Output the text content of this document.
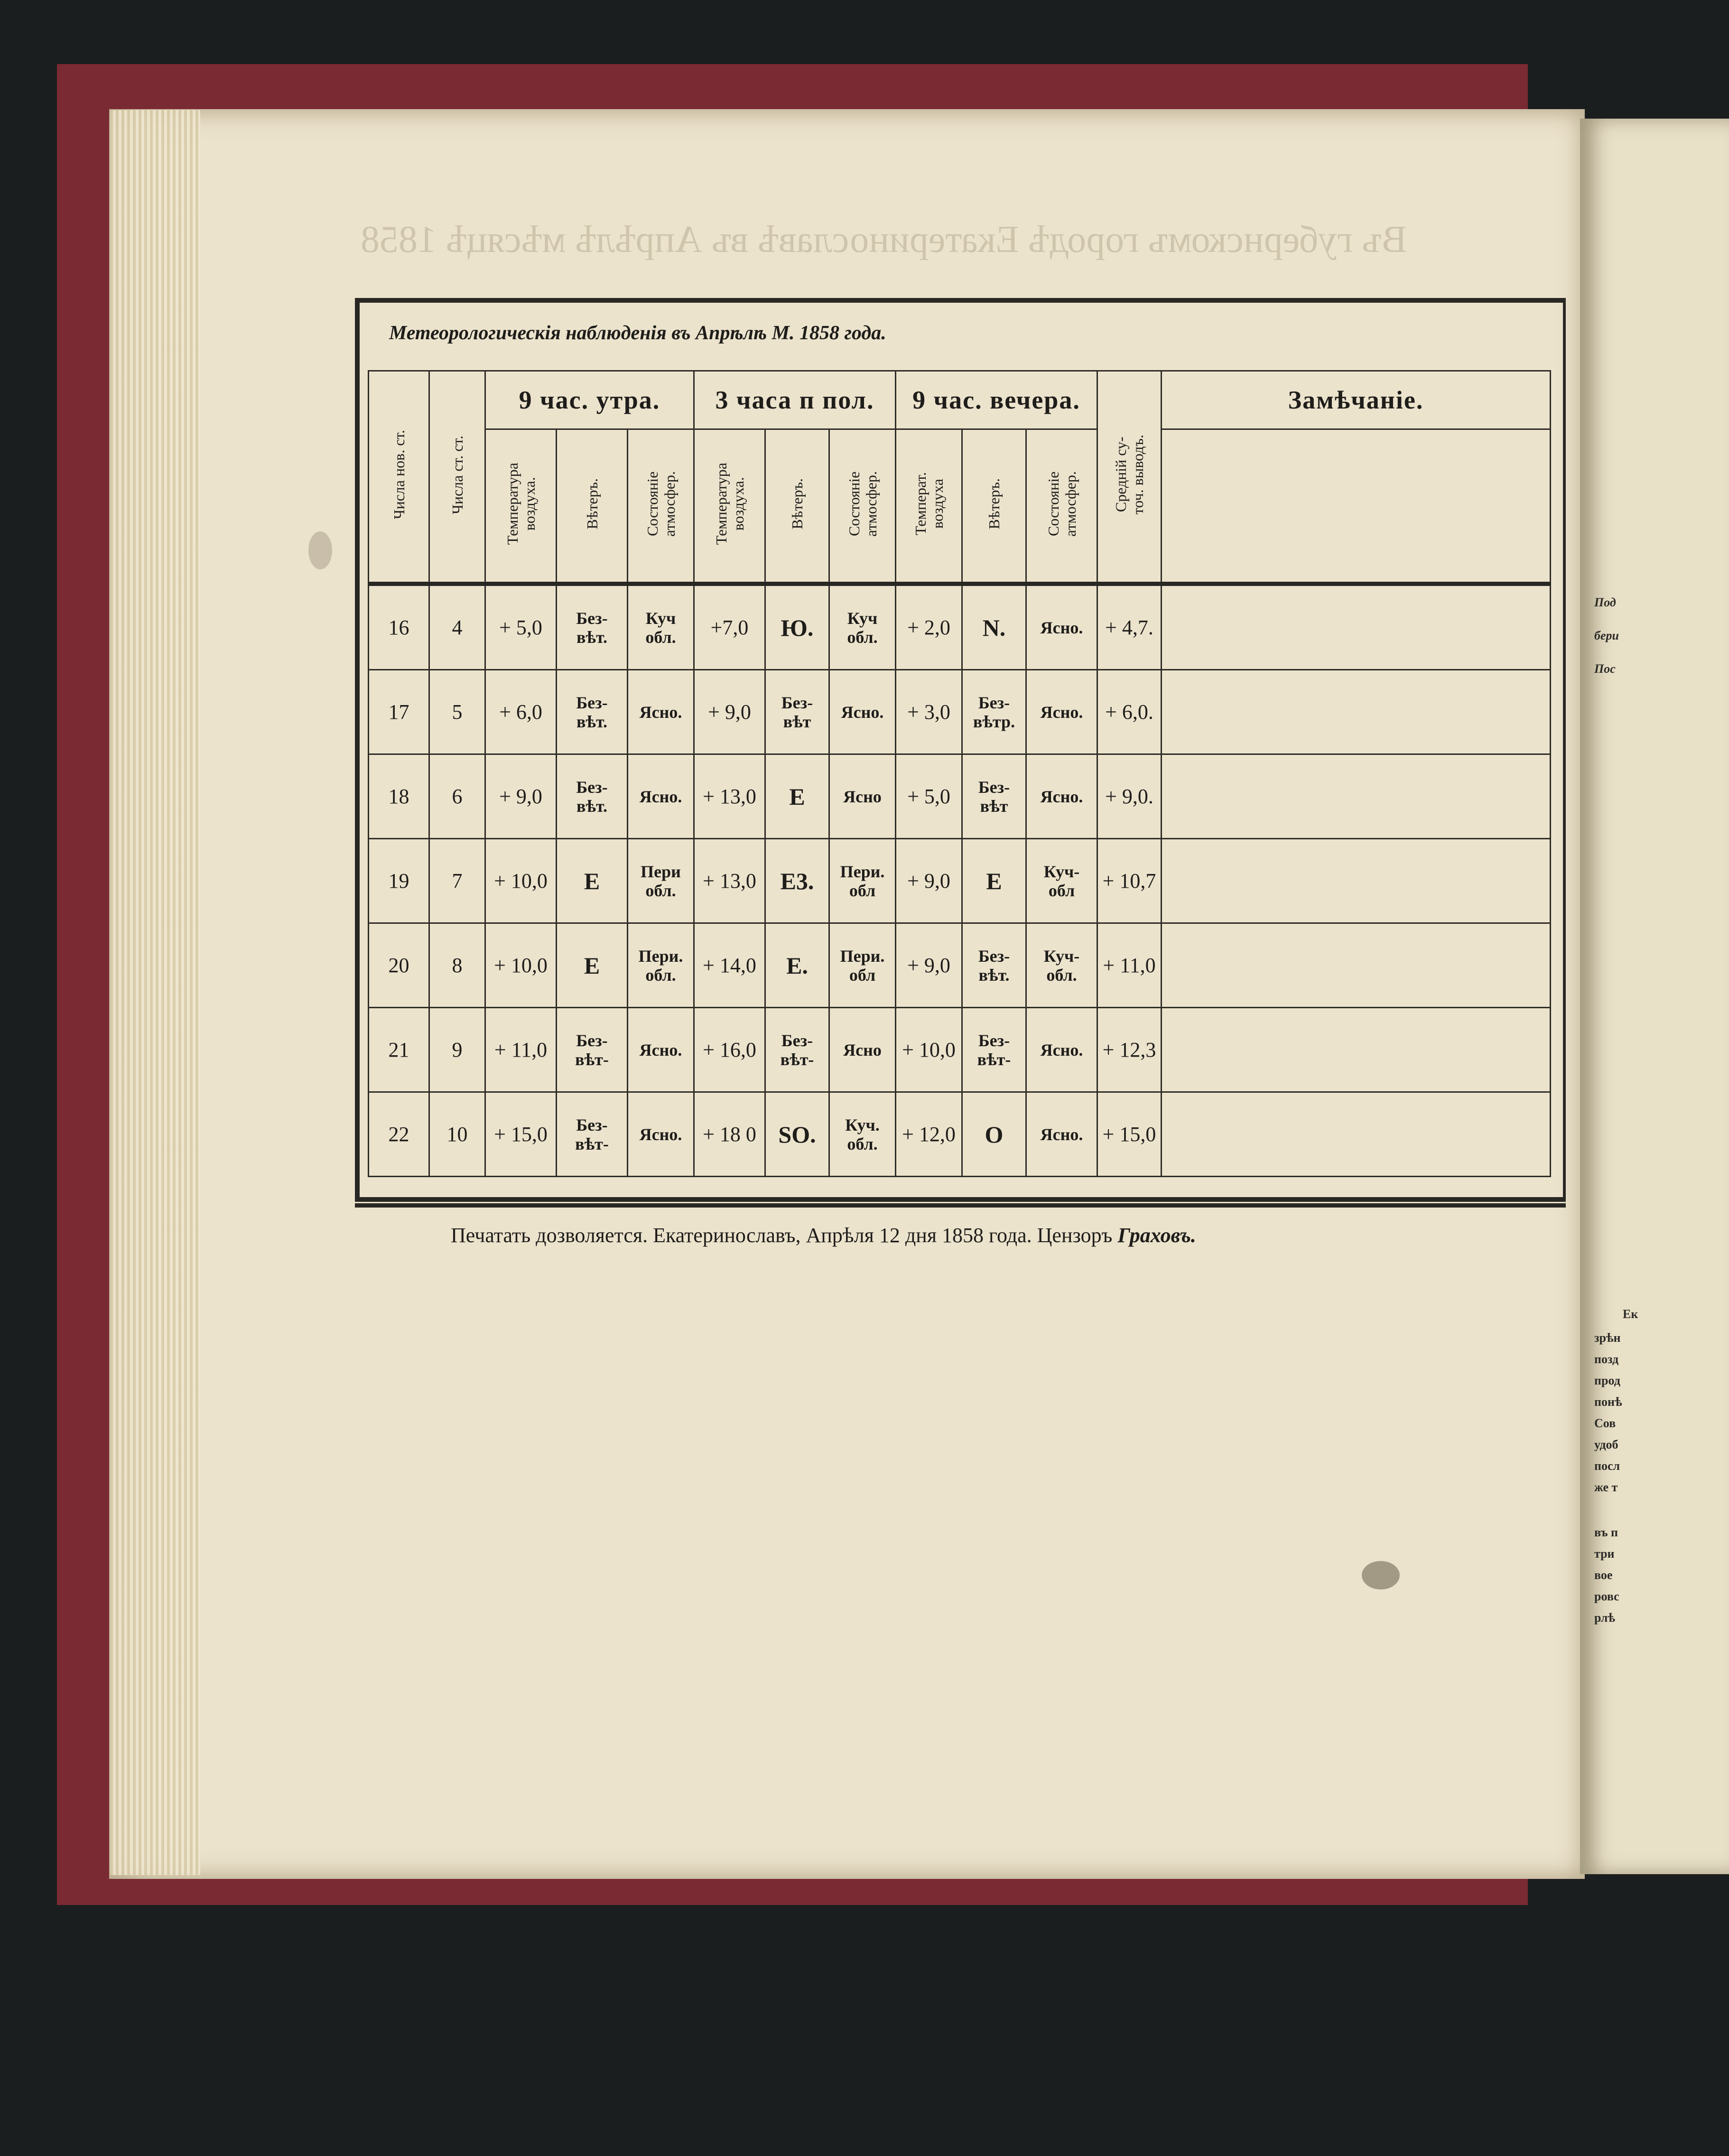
Под
бери
Пос
Ек
зрѣн
позд
прод
понѣ
Сов
удоб
посл
же т
въ п
три
вое
ровс
рлѣ
Въ губернскомъ городѣ Екатеринославѣ въ Апрѣлѣ мѣсяцѣ 1858
Метеорологическія наблюденія въ Апрѣлѣ М. 1858 года.
Числа нов. ст.	Числа ст. ст.	9 час. утра.			3 часа п пол.			9 час. вечера.			Средній су-
точ. выводъ.	Замѣчаніе.
		Температура
воздуха.	Вѣтеръ.	Состояніе
атмосфер.	Температура
воздуха.	Вѣтеръ.	Состояніе
атмосфер.	Температ.
воздуха	Вѣтеръ.	Состояніе
атмосфер.		
16	4	+ 5,0	Без-
вѣт.	Куч
обл.	+7,0	Ю.	Куч
обл.	+ 2,0	N.	Ясно.	+ 4,7.	
17	5	+ 6,0	Без-
вѣт.	Ясно.	+ 9,0	Без-
вѣт	Ясно.	+ 3,0	Без-
вѣтр.	Ясно.	+ 6,0.	
18	6	+ 9,0	Без-
вѣт.	Ясно.	+ 13,0	E	Ясно	+ 5,0	Без-
вѣт	Ясно.	+ 9,0.	
19	7	+ 10,0	E	Пери
обл.	+ 13,0	Е3.	Пери.
обл	+ 9,0	E	Куч-
обл	+ 10,7	
20	8	+ 10,0	E	Пери.
обл.	+ 14,0	E.	Пери.
обл	+ 9,0	Без-
вѣт.	Куч-
обл.	+ 11,0	
21	9	+ 11,0	Без-
вѣт-	Ясно.	+ 16,0	Без-
вѣт-	Ясно	+ 10,0	Без-
вѣт-	Ясно.	+ 12,3	
22	10	+ 15,0	Без-
вѣт-	Ясно.	+ 18 0	SO.	Куч.
обл.	+ 12,0	O	Ясно.	+ 15,0	
Печатать дозволяется. Екатеринославъ, Апрѣля 12 дня 1858 года. Цензоръ Граховъ.
